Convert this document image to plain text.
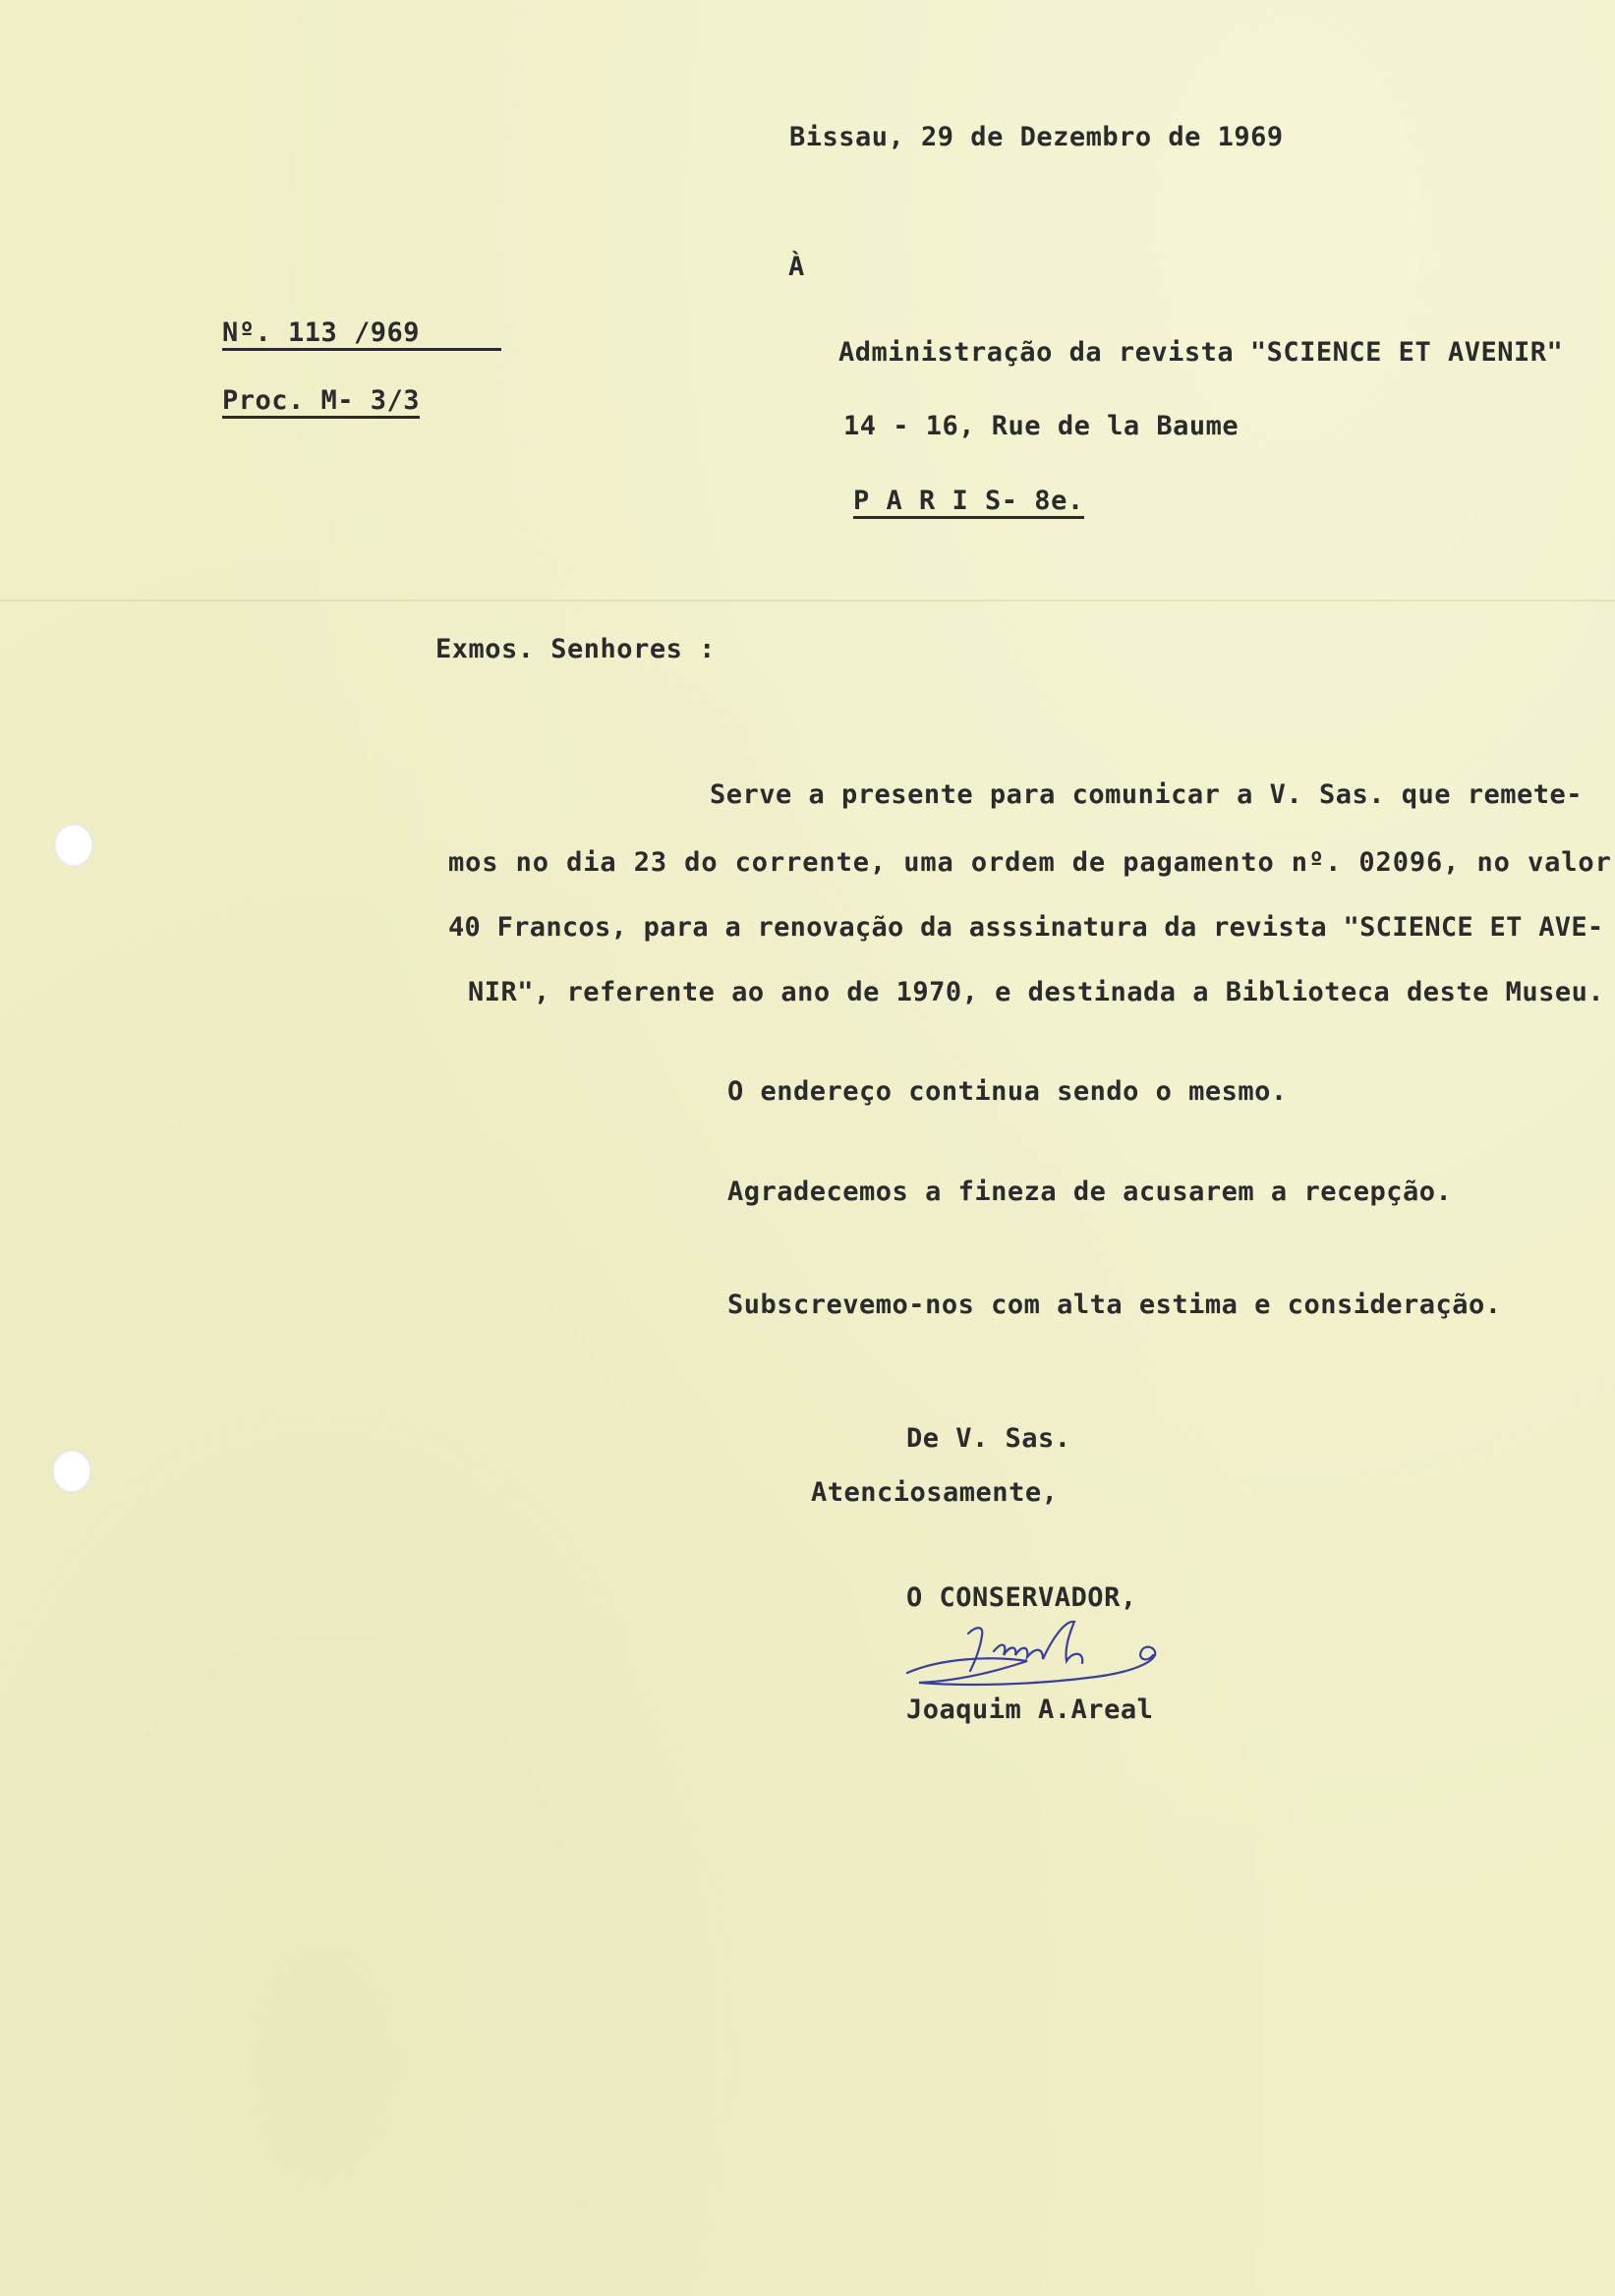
Bissau, 29 de Dezembro de 1969
À
Nº. 113 /969
Proc. M- 3/3
Administração da revista "SCIENCE ET AVENIR"
14 - 16, Rue de la Baume
P A R I S- 8e.
Exmos. Senhores :
Serve a presente para comunicar a V. Sas. que remete-
mos no dia 23 do corrente, uma ordem de pagamento nº. 02096, no valor
40 Francos, para a renovação da asssinatura da revista "SCIENCE ET AVE-
NIR", referente ao ano de 1970, e destinada a Biblioteca deste Museu.
O endereço continua sendo o mesmo.
Agradecemos a fineza de acusarem a recepção.
Subscrevemo-nos com alta estima e consideração.
De V. Sas.
Atenciosamente,
O CONSERVADOR,
Joaquim A.Areal
